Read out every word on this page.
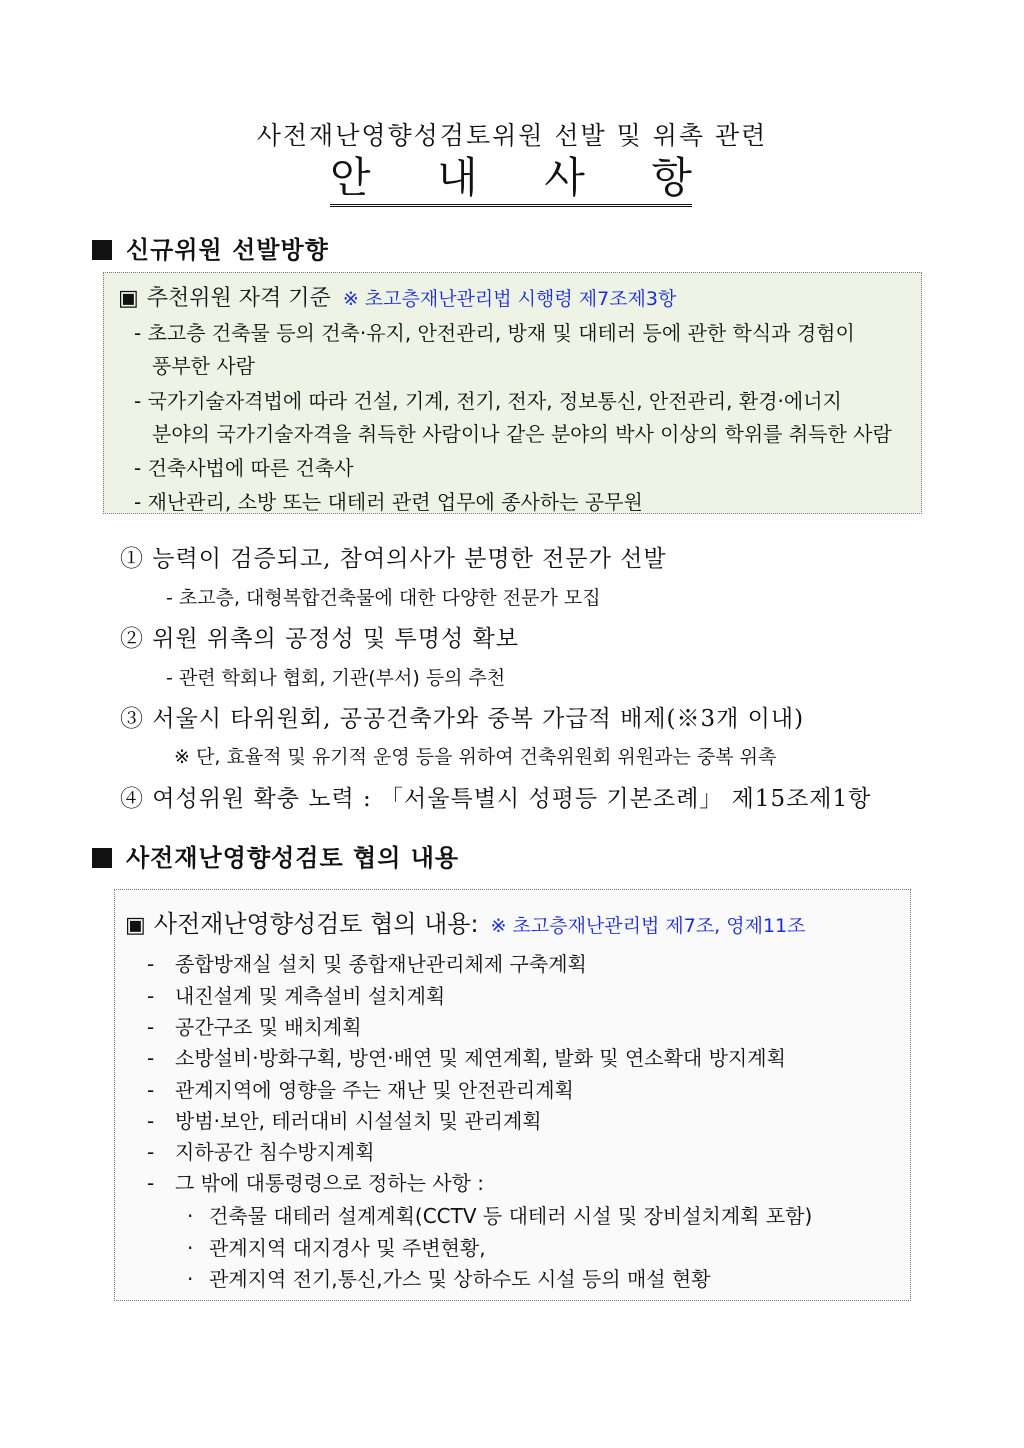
사전재난영향성검토위원 선발 및 위촉 관련
안 내 사 항
신규위원 선발방향
▣ 추천위원 자격 기준 ※ 초고층재난관리법 시행령 제7조제3항
- 초고층 건축물 등의 건축·유지, 안전관리, 방재 및 대테러 등에 관한 학식과 경험이
풍부한 사람
- 국가기술자격법에 따라 건설, 기계, 전기, 전자, 정보통신, 안전관리, 환경·에너지
분야의 국가기술자격을 취득한 사람이나 같은 분야의 박사 이상의 학위를 취득한 사람
- 건축사법에 따른 건축사
- 재난관리, 소방 또는 대테러 관련 업무에 종사하는 공무원
① 능력이 검증되고, 참여의사가 분명한 전문가 선발
- 초고층, 대형복합건축물에 대한 다양한 전문가 모집
② 위원 위촉의 공정성 및 투명성 확보
- 관련 학회나 협회, 기관(부서) 등의 추천
③ 서울시 타위원회, 공공건축가와 중복 가급적 배제(※3개 이내)
※ 단, 효율적 및 유기적 운영 등을 위하여 건축위원회 위원과는 중복 위촉
④ 여성위원 확충 노력 : 「서울특별시 성평등 기본조례」 제15조제1항
사전재난영향성검토 협의 내용
▣ 사전재난영향성검토 협의 내용: ※ 초고층재난관리법 제7조, 영제11조
- 종합방재실 설치 및 종합재난관리체제 구축계획
- 내진설계 및 계측설비 설치계획
- 공간구조 및 배치계획
- 소방설비·방화구획, 방연·배연 및 제연계획, 발화 및 연소확대 방지계획
- 관계지역에 영향을 주는 재난 및 안전관리계획
- 방범·보안, 테러대비 시설설치 및 관리계획
- 지하공간 침수방지계획
- 그 밖에 대통령령으로 정하는 사항 :
· 건축물 대테러 설계계획(CCTV 등 대테러 시설 및 장비설치계획 포함)
· 관계지역 대지경사 및 주변현황,
· 관계지역 전기,통신,가스 및 상하수도 시설 등의 매설 현황
